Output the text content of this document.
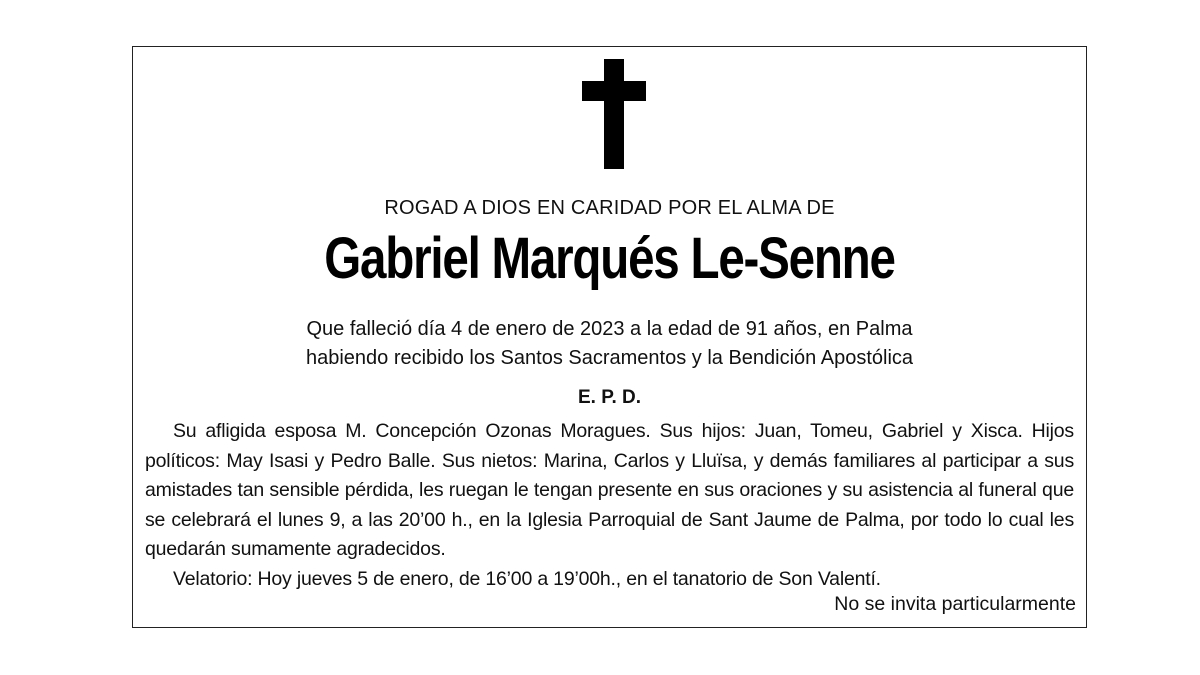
ROGAD A DIOS EN CARIDAD POR EL ALMA DE
Gabriel Marqués Le-Senne
Que falleció día 4 de enero de 2023 a la edad de 91 años, en Palma
habiendo recibido los Santos Sacramentos y la Bendición Apostólica
E. P. D.

Su afligida esposa M. Concepción Ozonas Moragues. Sus hijos: Juan, Tomeu, Gabriel y Xisca. Hijos políticos: May Isasi y Pedro Balle. Sus nietos: Marina, Carlos y Lluïsa, y demás familiares al participar a sus amistades tan sensible pérdida, les ruegan le tengan presente en sus oraciones y su asistencia al funeral que se celebrará el lunes 9, a las 20’00 h., en la Iglesia Parroquial de Sant Jaume de Palma, por todo lo cual les quedarán sumamente agradecidos.

Velatorio: Hoy jueves 5 de enero, de 16’00 a 19’00h., en el tanatorio de Son Valentí.

No se invita particularmente
